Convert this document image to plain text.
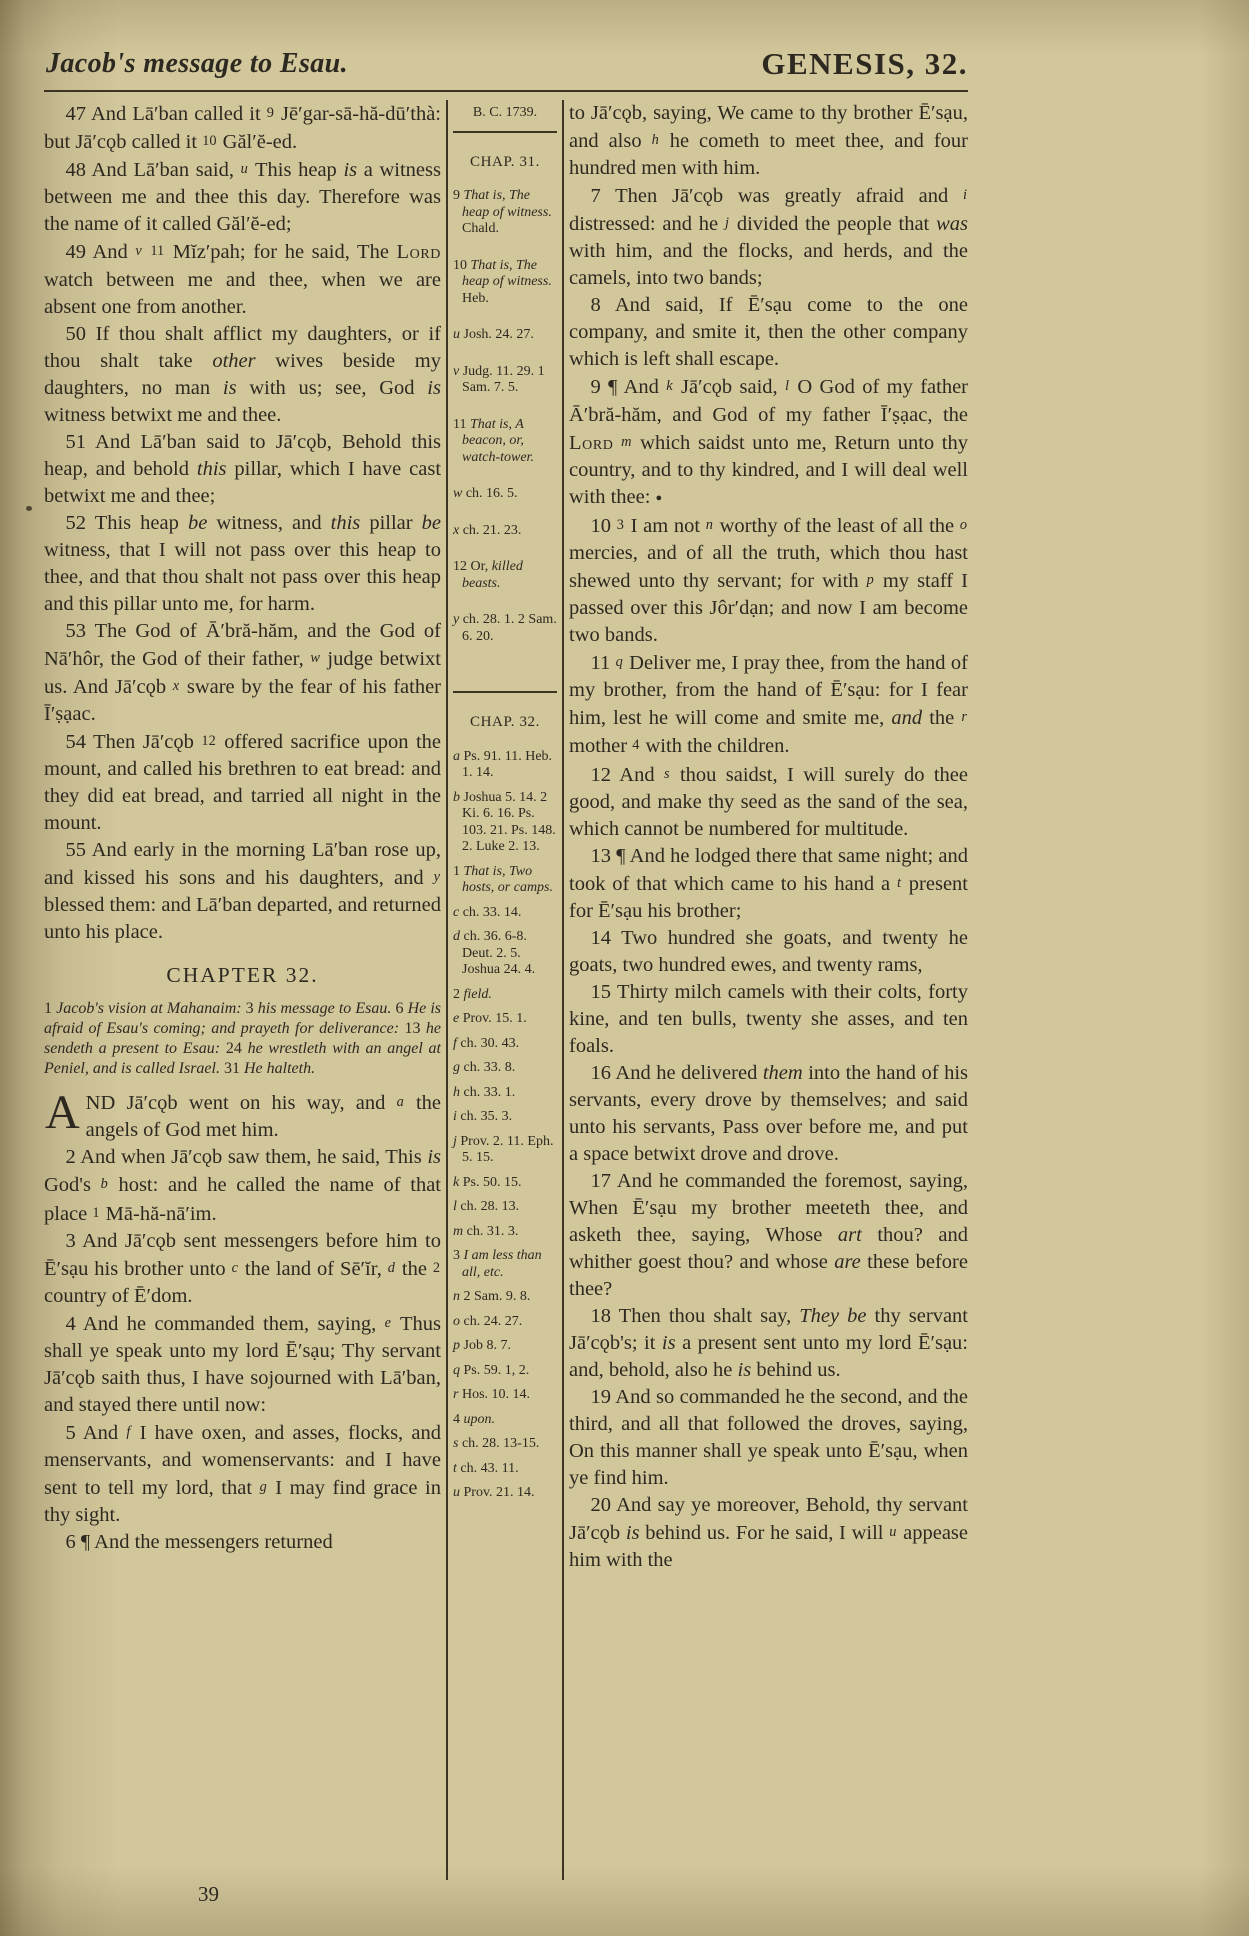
Jacob's message to Esau.	GENESIS, 32.

47 And Lā′ban called it 9 Jē′gar-sā-hă-dū′thà: but Jā′cǫb called it 10 Găl′ĕ-ed.

48 And Lā′ban said, u This heap is a witness between me and thee this day. Therefore was the name of it called Găl′ĕ-ed;

49 And v 11 Mĭz′pah; for he said, The Lord watch between me and thee, when we are absent one from another.

50 If thou shalt afflict my daughters, or if thou shalt take other wives beside my daughters, no man is with us; see, God is witness betwixt me and thee.

51 And Lā′ban said to Jā′cǫb, Behold this heap, and behold this pillar, which I have cast betwixt me and thee;

52 This heap be witness, and this pillar be witness, that I will not pass over this heap to thee, and that thou shalt not pass over this heap and this pillar unto me, for harm.

53 The God of Ā′bră-hăm, and the God of Nā′hôr, the God of their father, w judge betwixt us. And Jā′cǫb x sware by the fear of his father Ī′ṣạac.

54 Then Jā′cǫb 12 offered sacrifice upon the mount, and called his brethren to eat bread: and they did eat bread, and tarried all night in the mount.

55 And early in the morning Lā′ban rose up, and kissed his sons and his daughters, and y blessed them: and Lā′ban departed, and returned unto his place.

CHAPTER 32.

1 Jacob's vision at Mahanaim: 3 his message to Esau. 6 He is afraid of Esau's coming; and prayeth for deliverance: 13 he sendeth a present to Esau: 24 he wrestleth with an angel at Peniel, and is called Israel. 31 He halteth.

AND Jā′cǫb went on his way, and a the angels of God met him.

2 And when Jā′cǫb saw them, he said, This is God's b host: and he called the name of that place 1 Mā-hă-nā′im.

3 And Jā′cǫb sent messengers before him to Ē′sạu his brother unto c the land of Sē′ĭr, d the 2 country of Ē′dom.

4 And he commanded them, saying, e Thus shall ye speak unto my lord Ē′sạu; Thy servant Jā′cǫb saith thus, I have sojourned with Lā′ban, and stayed there until now:

5 And f I have oxen, and asses, flocks, and menservants, and womenservants: and I have sent to tell my lord, that g I may find grace in thy sight.

6 ¶ And the messengers returned

B. C. 1739.
CHAP. 31.

9 That is, The heap of witness. Chald.

10 That is, The heap of witness. Heb.

u Josh. 24. 27.

v Judg. 11. 29. 1 Sam. 7. 5.

11 That is, A beacon, or, watch-tower.

w ch. 16. 5.

x ch. 21. 23.

12 Or, killed beasts.

y ch. 28. 1. 2 Sam. 6. 20.

CHAP. 32.

a Ps. 91. 11. Heb. 1. 14.

b Joshua 5. 14. 2 Ki. 6. 16. Ps. 103. 21. Ps. 148. 2. Luke 2. 13.

1 That is, Two hosts, or camps.

c ch. 33. 14.

d ch. 36. 6-8. Deut. 2. 5. Joshua 24. 4.

2 field.

e Prov. 15. 1.

f ch. 30. 43.

g ch. 33. 8.

h ch. 33. 1.

i ch. 35. 3.

j Prov. 2. 11. Eph. 5. 15.

k Ps. 50. 15.

l ch. 28. 13.

m ch. 31. 3.

3 I am less than all, etc.

n 2 Sam. 9. 8.

o ch. 24. 27.

p Job 8. 7.

q Ps. 59. 1, 2.

r Hos. 10. 14.

4 upon.

s ch. 28. 13-15.

t ch. 43. 11.

u Prov. 21. 14.

to Jā′cǫb, saying, We came to thy brother Ē′sạu, and also h he cometh to meet thee, and four hundred men with him.

7 Then Jā′cǫb was greatly afraid and i distressed: and he j divided the people that was with him, and the flocks, and herds, and the camels, into two bands;

8 And said, If Ē′sạu come to the one company, and smite it, then the other company which is left shall escape.

9 ¶ And k Jā′cǫb said, l O God of my father Ā′bră-hăm, and God of my father Ī′ṣạac, the Lord m which saidst unto me, Return unto thy country, and to thy kindred, and I will deal well with thee: ●

10 3 I am not n worthy of the least of all the o mercies, and of all the truth, which thou hast shewed unto thy servant; for with p my staff I passed over this Jôr′dạn; and now I am become two bands.

11 q Deliver me, I pray thee, from the hand of my brother, from the hand of Ē′sạu: for I fear him, lest he will come and smite me, and the r mother 4 with the children.

12 And s thou saidst, I will surely do thee good, and make thy seed as the sand of the sea, which cannot be numbered for multitude.

13 ¶ And he lodged there that same night; and took of that which came to his hand a t present for Ē′sạu his brother;

14 Two hundred she goats, and twenty he goats, two hundred ewes, and twenty rams,

15 Thirty milch camels with their colts, forty kine, and ten bulls, twenty she asses, and ten foals.

16 And he delivered them into the hand of his servants, every drove by themselves; and said unto his servants, Pass over before me, and put a space betwixt drove and drove.

17 And he commanded the foremost, saying, When Ē′sạu my brother meeteth thee, and asketh thee, saying, Whose art thou? and whither goest thou? and whose are these before thee?

18 Then thou shalt say, They be thy servant Jā′cǫb's; it is a present sent unto my lord Ē′sạu: and, behold, also he is behind us.

19 And so commanded he the second, and the third, and all that followed the droves, saying, On this manner shall ye speak unto Ē′sạu, when ye find him.

20 And say ye moreover, Behold, thy servant Jā′cǫb is behind us. For he said, I will u appease him with the

39
